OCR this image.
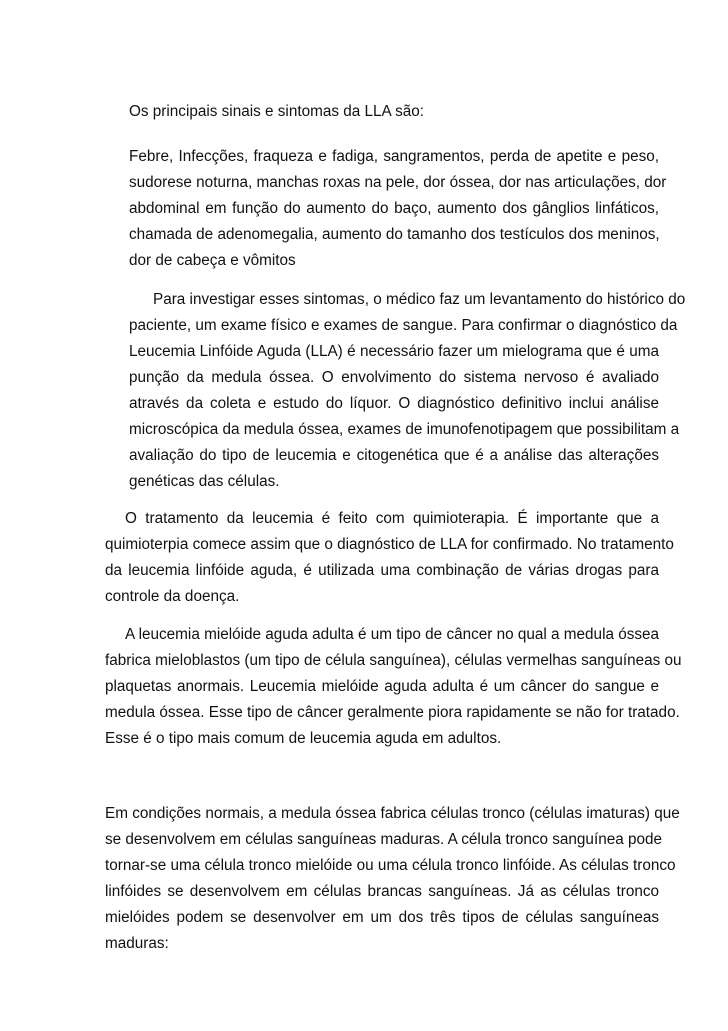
Os principais sinais e sintomas da LLA são:
Febre, Infecções, fraqueza e fadiga, sangramentos, perda de apetite e peso,
sudorese noturna, manchas roxas na pele, dor óssea, dor nas articulações, dor
abdominal em função do aumento do baço, aumento dos gânglios linfáticos,
chamada de adenomegalia, aumento do tamanho dos testículos dos meninos,
dor de cabeça e vômitos
Para investigar esses sintomas, o médico faz um levantamento do histórico do
paciente, um exame físico e exames de sangue. Para confirmar o diagnóstico da
Leucemia Linfóide Aguda (LLA) é necessário fazer um mielograma que é uma
punção da medula óssea. O envolvimento do sistema nervoso é avaliado
através da coleta e estudo do líquor. O diagnóstico definitivo inclui análise
microscópica da medula óssea, exames de imunofenotipagem que possibilitam a
avaliação do tipo de leucemia e citogenética que é a análise das alterações
genéticas das células.
O tratamento da leucemia é feito com quimioterapia. É importante que a
quimioterpia comece assim que o diagnóstico de LLA for confirmado. No tratamento
da leucemia linfóide aguda, é utilizada uma combinação de várias drogas para
controle da doença.
A leucemia mielóide aguda adulta é um tipo de câncer no qual a medula óssea
fabrica mieloblastos (um tipo de célula sanguínea), células vermelhas sanguíneas ou
plaquetas anormais. Leucemia mielóide aguda adulta é um câncer do sangue e
medula óssea. Esse tipo de câncer geralmente piora rapidamente se não for tratado.
Esse é o tipo mais comum de leucemia aguda em adultos.
Em condições normais, a medula óssea fabrica células tronco (células imaturas) que
se desenvolvem em células sanguíneas maduras. A célula tronco sanguínea pode
tornar-se uma célula tronco mielóide ou uma célula tronco linfóide. As células tronco
linfóides se desenvolvem em células brancas sanguíneas. Já as células tronco
mielóides podem se desenvolver em um dos três tipos de células sanguíneas
maduras:
